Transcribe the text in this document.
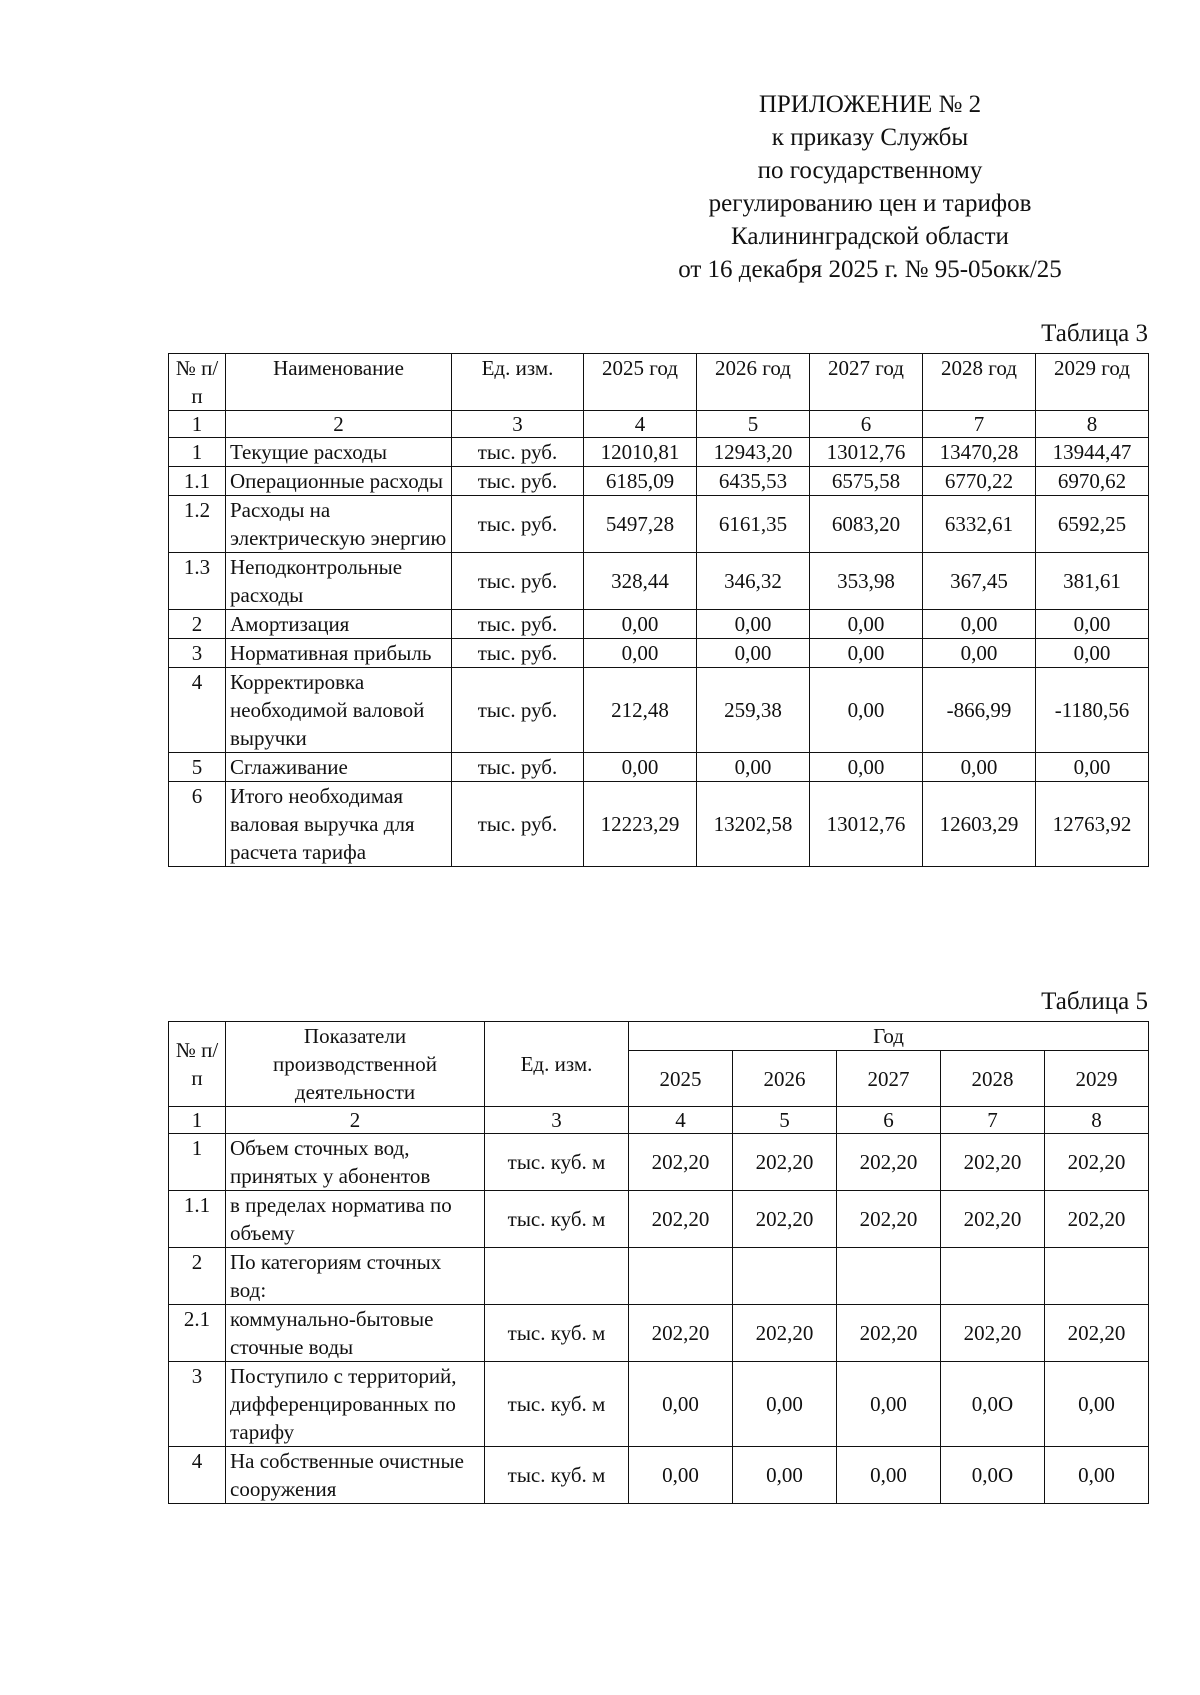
ПРИЛОЖЕНИЕ № 2
к приказу Службы
по государственному
регулированию цен и тарифов
Калининградской области
от 16 декабря 2025 г. № 95-05окк/25
Таблица 3
№ п/п	Наименование	Ед. изм.	2025 год	2026 год	2027 год	2028 год	2029 год
1	2	3	4	5	6	7	8
1	Текущие расходы	тыс. руб.	12010,81	12943,20	13012,76	13470,28	13944,47
1.1	Операционные расходы	тыс. руб.	6185,09	6435,53	6575,58	6770,22	6970,62
1.2	Расходы на электрическую энергию	тыс. руб.	5497,28	6161,35	6083,20	6332,61	6592,25
1.3	Неподконтрольные расходы	тыс. руб.	328,44	346,32	353,98	367,45	381,61
2	Амортизация	тыс. руб.	0,00	0,00	0,00	0,00	0,00
3	Нормативная прибыль	тыс. руб.	0,00	0,00	0,00	0,00	0,00
4	Корректировка необходимой валовой выручки	тыс. руб.	212,48	259,38	0,00	-866,99	-1180,56
5	Сглаживание	тыс. руб.	0,00	0,00	0,00	0,00	0,00
6	Итого необходимая валовая выручка для расчета тарифа	тыс. руб.	12223,29	13202,58	13012,76	12603,29	12763,92
Таблица 5
№ п/п	Показатели производственной деятельности	Ед. изм.	Год				
			2025	2026	2027	2028	2029
1	2	3	4	5	6	7	8
1	Объем сточных вод, принятых у абонентов	тыс. куб. м	202,20	202,20	202,20	202,20	202,20
1.1	в пределах норматива по объему	тыс. куб. м	202,20	202,20	202,20	202,20	202,20
2	По категориям сточных вод:						
2.1	коммунально-бытовые сточные воды	тыс. куб. м	202,20	202,20	202,20	202,20	202,20
3	Поступило с территорий, дифференцированных по тарифу	тыс. куб. м	0,00	0,00	0,00	0,0O	0,00
4	На собственные очистные сооружения	тыс. куб. м	0,00	0,00	0,00	0,0O	0,00
